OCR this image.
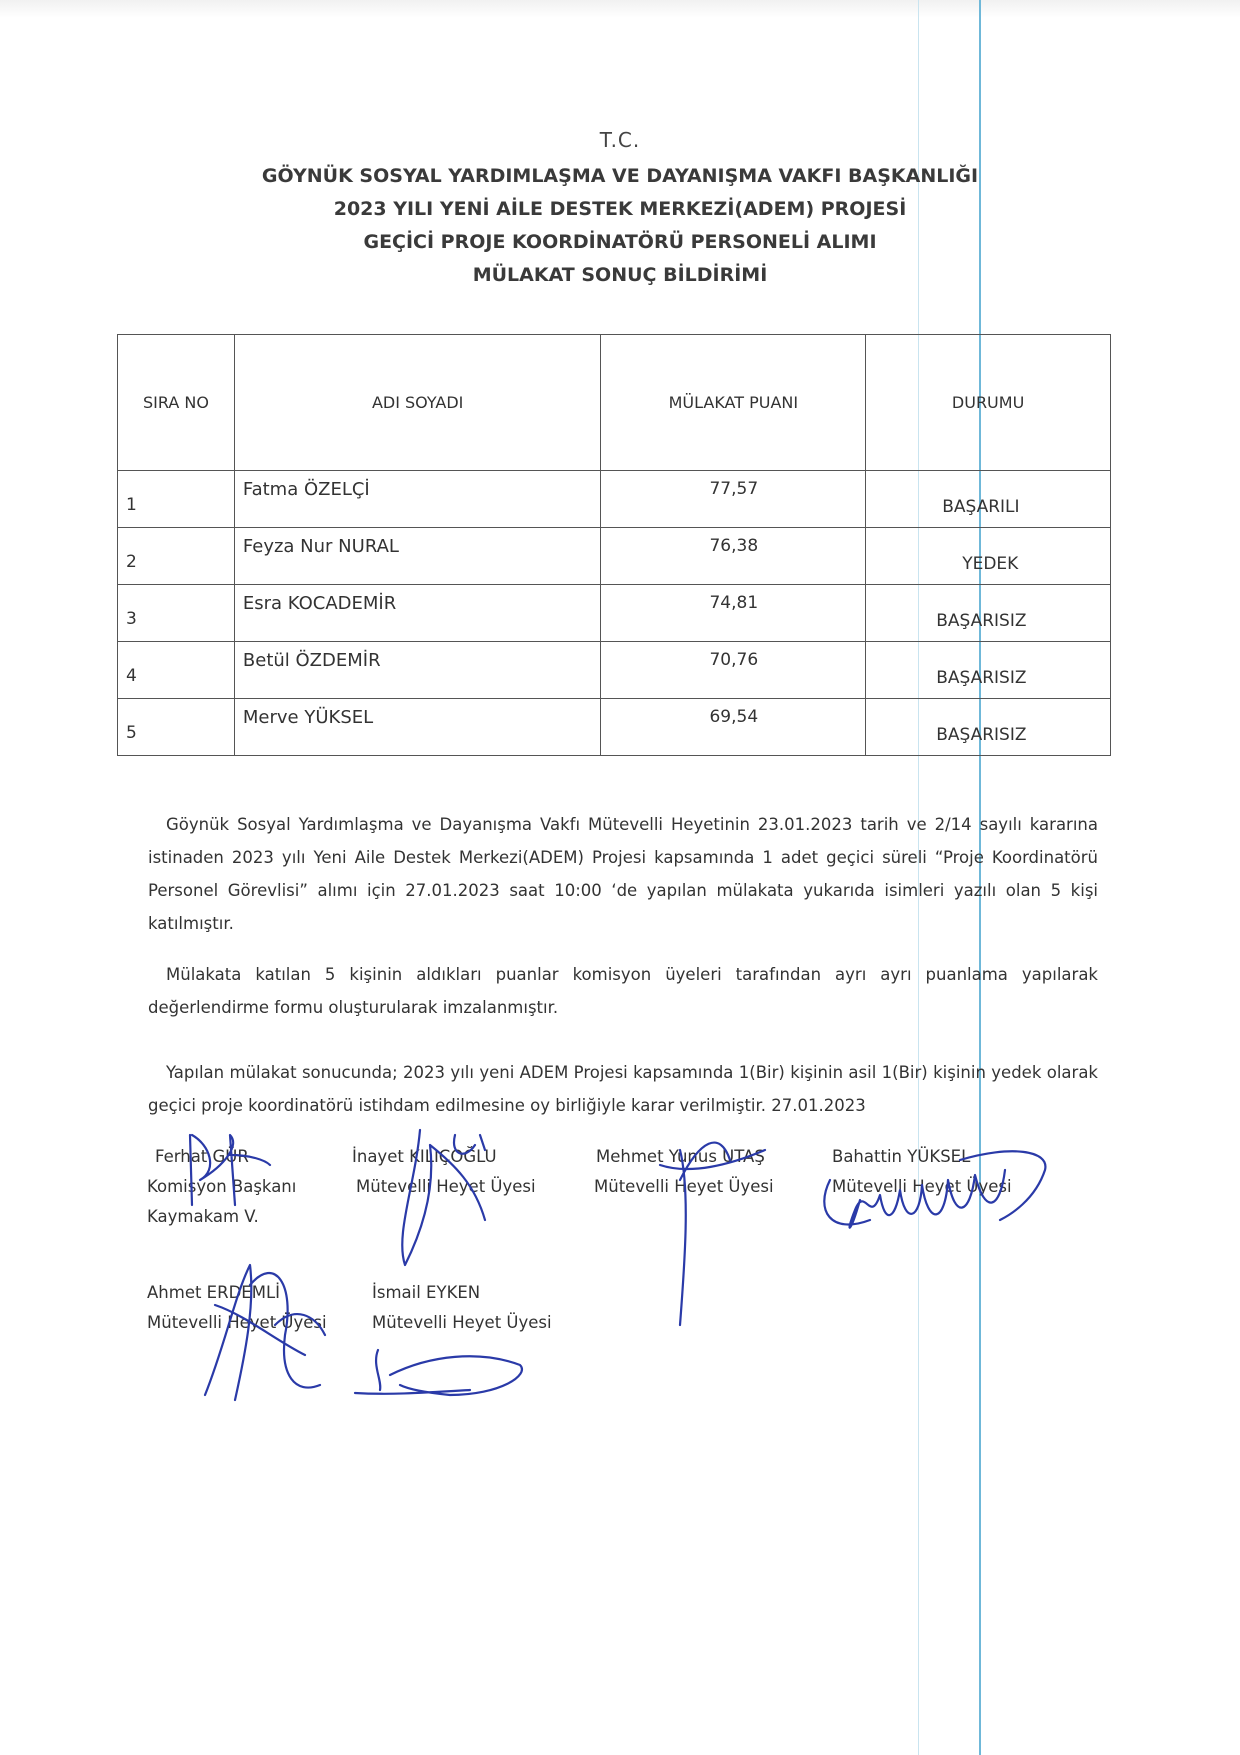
T.C.
GÖYNÜK SOSYAL YARDIMLAŞMA VE DAYANIŞMA VAKFI BAŞKANLIĞI
2023 YILI YENİ AİLE DESTEK MERKEZİ(ADEM) PROJESİ
GEÇİCİ PROJE KOORDİNATÖRÜ PERSONELİ ALIMI
MÜLAKAT SONUÇ BİLDİRİMİ
SIRA NO	ADI SOYADI	MÜLAKAT PUANI	DURUMU

1	Fatma ÖZELÇİ	77,57	BAŞARILI

2	Feyza Nur NURAL	76,38	YEDEK

3	Esra KOCADEMİR	74,81	BAŞARISIZ

4	Betül ÖZDEMİR	70,76	BAŞARISIZ

5	Merve YÜKSEL	69,54	BAŞARISIZ
Göynük Sosyal Yardımlaşma ve Dayanışma Vakfı Mütevelli Heyetinin 23.01.2023 tarih ve 2/14 sayılı kararına istinaden 2023 yılı Yeni Aile Destek Merkezi(ADEM) Projesi kapsamında 1 adet geçici süreli “Proje Koordinatörü Personel Görevlisi” alımı için 27.01.2023 saat 10:00 ‘de yapılan mülakata yukarıda isimleri yazılı olan 5 kişi katılmıştır.
Mülakata katılan 5 kişinin aldıkları puanlar komisyon üyeleri tarafından ayrı ayrı puanlama yapılarak değerlendirme formu oluşturularak imzalanmıştır.
Yapılan mülakat sonucunda; 2023 yılı yeni ADEM Projesi kapsamında 1(Bir) kişinin asil 1(Bir) kişinin yedek olarak geçici proje koordinatörü istihdam edilmesine oy birliğiyle karar verilmiştir. 27.01.2023
Ferhat GÜR
Komisyon Başkanı
Kaymakam V.
İnayet KILIÇOĞLU
Mütevelli Heyet Üyesi
Mehmet Yunus UTAŞ
Mütevelli Heyet Üyesi
Bahattin YÜKSEL
Mütevelli Heyet Üyesi
Ahmet ERDEMLİ
Mütevelli Heyet Üyesi
İsmail EYKEN
Mütevelli Heyet Üyesi
